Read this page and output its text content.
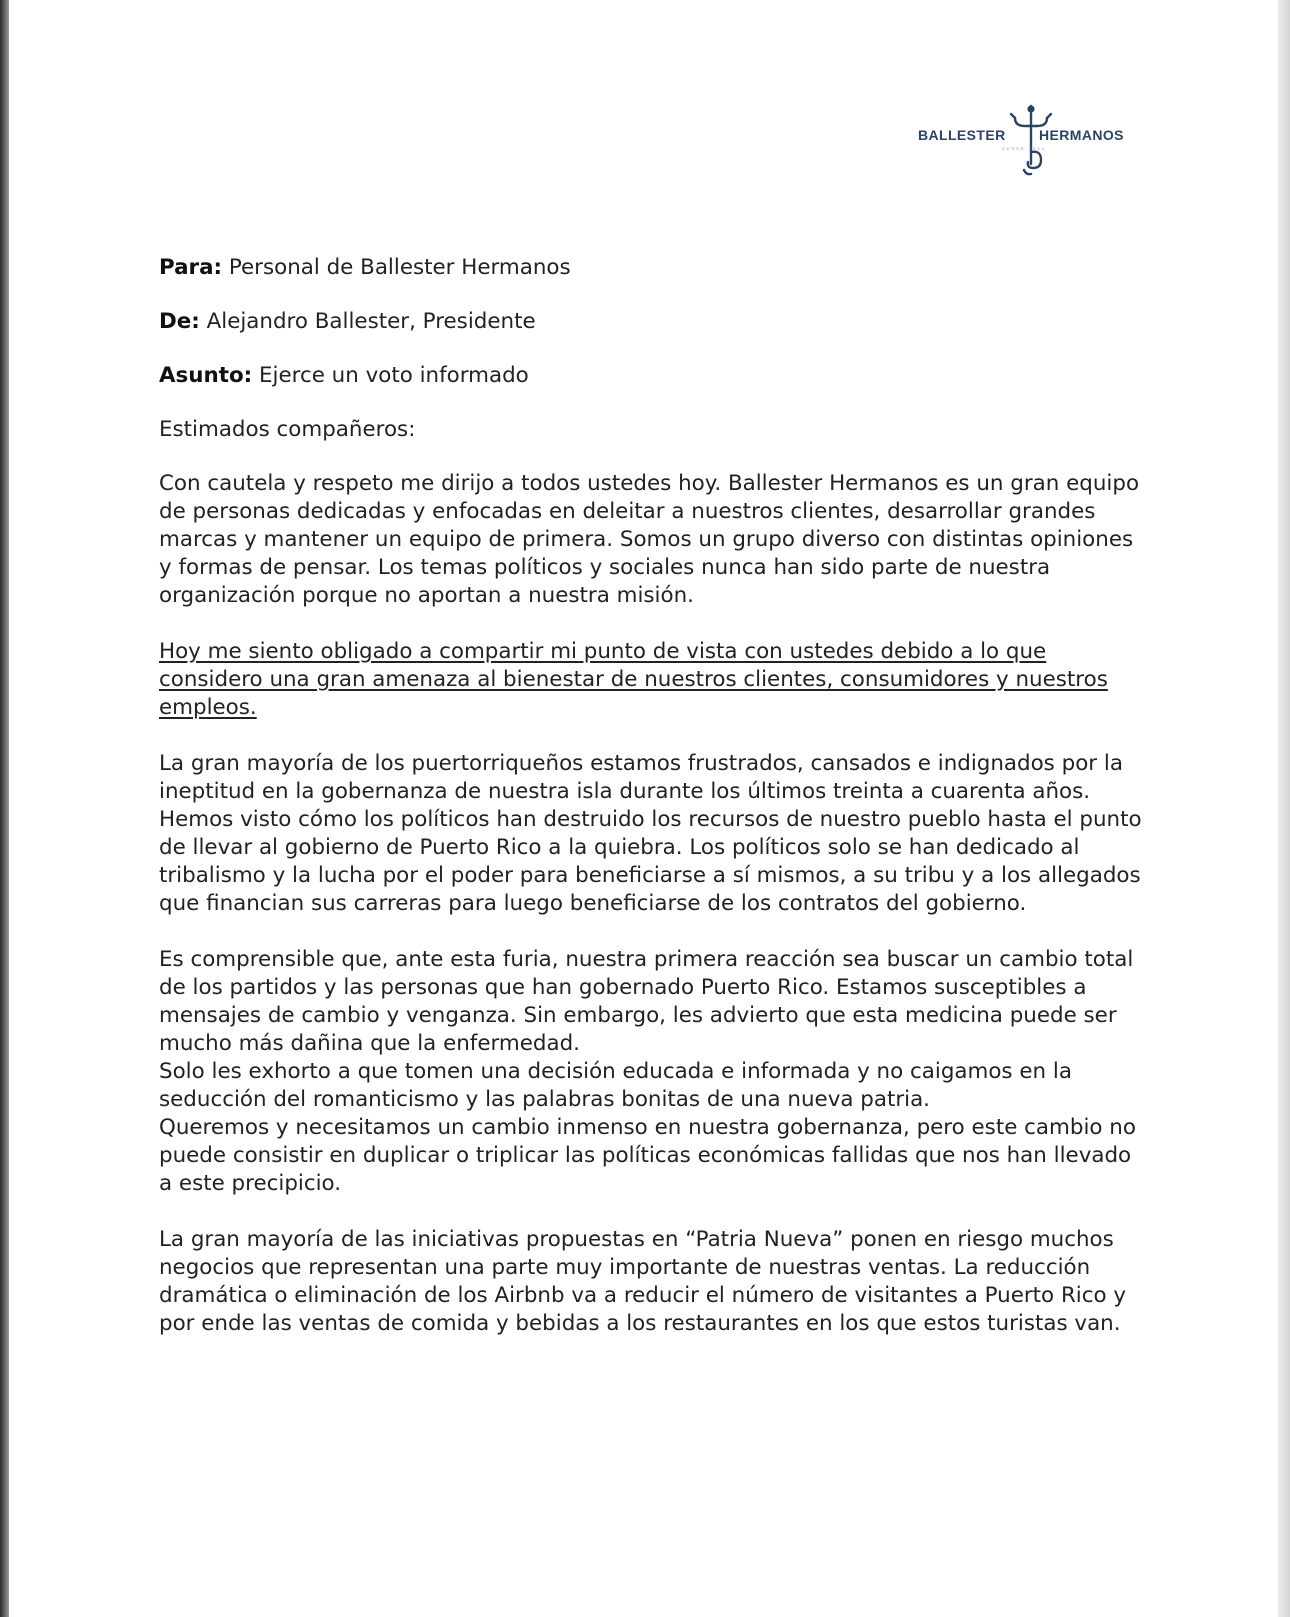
BALLESTER HERMANOS
DESDE 1914

Para: Personal de Ballester Hermanos

De: Alejandro Ballester, Presidente

Asunto: Ejerce un voto informado

Estimados compañeros:

Con cautela y respeto me dirijo a todos ustedes hoy. Ballester Hermanos es un gran equipo de personas dedicadas y enfocadas en deleitar a nuestros clientes, desarrollar grandes marcas y mantener un equipo de primera. Somos un grupo diverso con distintas opiniones y formas de pensar. Los temas políticos y sociales nunca han sido parte de nuestra organización porque no aportan a nuestra misión.

Hoy me siento obligado a compartir mi punto de vista con ustedes debido a lo que considero una gran amenaza al bienestar de nuestros clientes, consumidores y nuestros empleos.

La gran mayoría de los puertorriqueños estamos frustrados, cansados e indignados por la ineptitud en la gobernanza de nuestra isla durante los últimos treinta a cuarenta años. Hemos visto cómo los políticos han destruido los recursos de nuestro pueblo hasta el punto de llevar al gobierno de Puerto Rico a la quiebra. Los políticos solo se han dedicado al tribalismo y la lucha por el poder para beneficiarse a sí mismos, a su tribu y a los allegados que financian sus carreras para luego beneficiarse de los contratos del gobierno.

Es comprensible que, ante esta furia, nuestra primera reacción sea buscar un cambio total de los partidos y las personas que han gobernado Puerto Rico. Estamos susceptibles a mensajes de cambio y venganza. Sin embargo, les advierto que esta medicina puede ser mucho más dañina que la enfermedad.

Solo les exhorto a que tomen una decisión educada e informada y no caigamos en la seducción del romanticismo y las palabras bonitas de una nueva patria.

Queremos y necesitamos un cambio inmenso en nuestra gobernanza, pero este cambio no puede consistir en duplicar o triplicar las políticas económicas fallidas que nos han llevado a este precipicio.

La gran mayoría de las iniciativas propuestas en “Patria Nueva” ponen en riesgo muchos negocios que representan una parte muy importante de nuestras ventas. La reducción dramática o eliminación de los Airbnb va a reducir el número de visitantes a Puerto Rico y por ende las ventas de comida y bebidas a los restaurantes en los que estos turistas van.
